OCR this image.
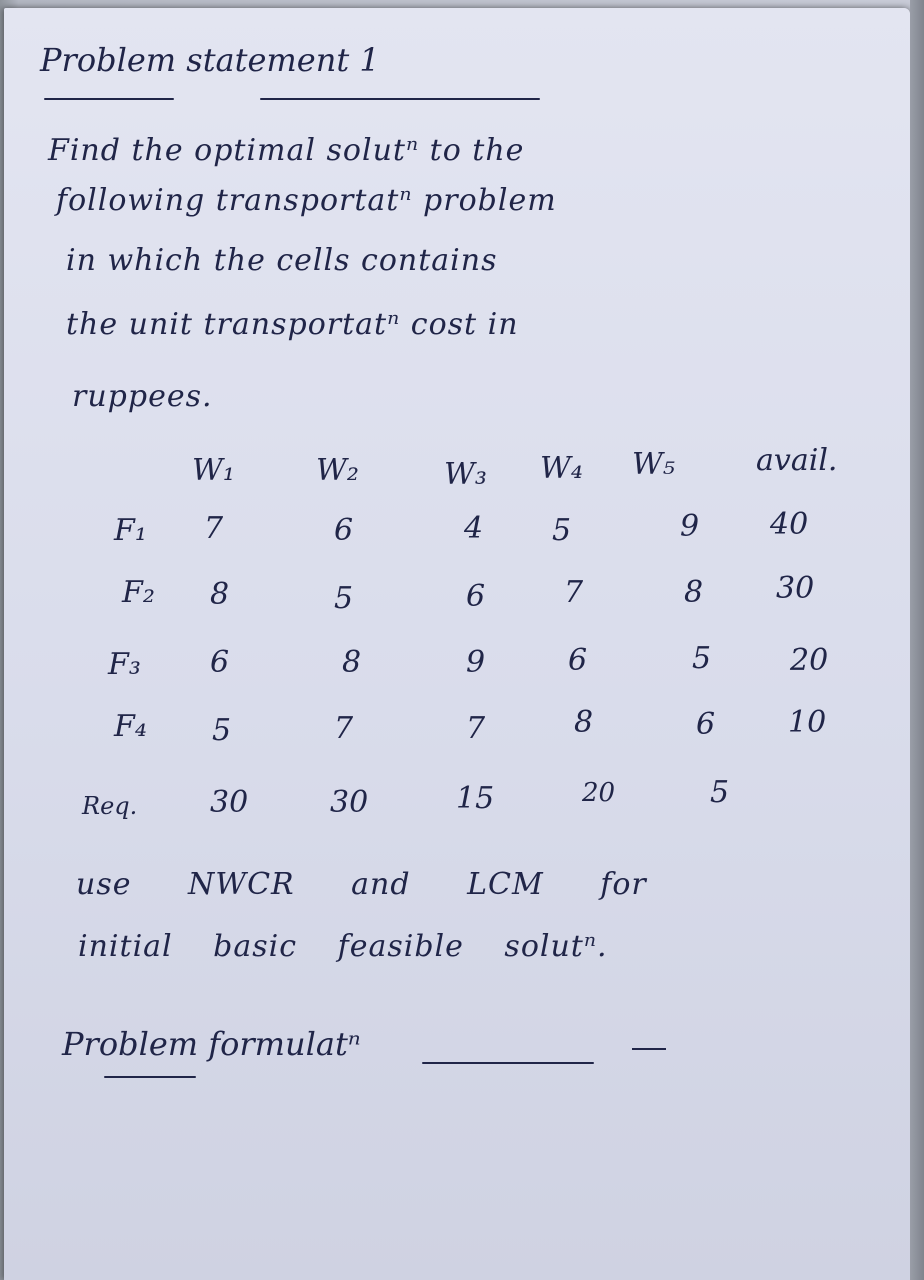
Problem statement 1

Find the optimal solutⁿ to the

following transportatⁿ problem

in which the cells contains

the unit transportatⁿ cost in

ruppees.

W₁	W₂	W₃ W₄ W₅	avail.

F₁ 7	6	4 5	9 40

F₂ 8	5	6	7	8 30

F₃ 6	8	9	6	5	20

F₄ 5	7	7	8	6 10

Req. 30	30	15	20	5

use NWCR and LCM for

initial basic feasible solutⁿ.

Problem formulatⁿ
